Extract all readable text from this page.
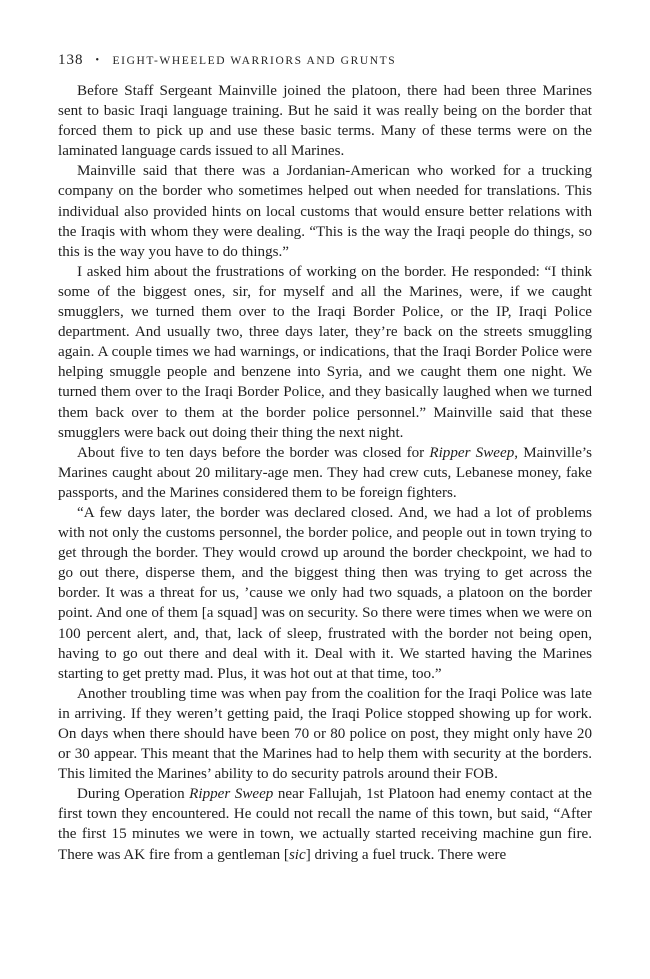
138 • EIGHT-WHEELED WARRIORS AND GRUNTS

Before Staff Sergeant Mainville joined the platoon, there had been three Marines sent to basic Iraqi language training. But he said it was really being on the border that forced them to pick up and use these basic terms. Many of these terms were on the laminated language cards issued to all Marines.

Mainville said that there was a Jordanian-American who worked for a trucking company on the border who sometimes helped out when needed for translations. This individual also provided hints on local customs that would ensure better relations with the Iraqis with whom they were dealing. “This is the way the Iraqi people do things, so this is the way you have to do things.”

I asked him about the frustrations of working on the border. He responded: “I think some of the biggest ones, sir, for myself and all the Marines, were, if we caught smugglers, we turned them over to the Iraqi Border Police, or the IP, Iraqi Police department. And usually two, three days later, they’re back on the streets smuggling again. A couple times we had warnings, or indications, that the Iraqi Border Police were helping smuggle people and benzene into Syria, and we caught them one night. We turned them over to the Iraqi Border Police, and they basically laughed when we turned them back over to them at the border police personnel.” Mainville said that these smugglers were back out doing their thing the next night.

About five to ten days before the border was closed for Ripper Sweep, Mainville’s Marines caught about 20 military-age men. They had crew cuts, Lebanese money, fake passports, and the Marines considered them to be foreign fighters.

“A few days later, the border was declared closed. And, we had a lot of problems with not only the customs personnel, the border police, and people out in town trying to get through the border. They would crowd up around the border checkpoint, we had to go out there, disperse them, and the biggest thing then was trying to get across the border. It was a threat for us, ’cause we only had two squads, a platoon on the border point. And one of them [a squad] was on security. So there were times when we were on 100 percent alert, and, that, lack of sleep, frustrated with the border not being open, having to go out there and deal with it. Deal with it. We started having the Marines starting to get pretty mad. Plus, it was hot out at that time, too.”

Another troubling time was when pay from the coalition for the Iraqi Police was late in arriving. If they weren’t getting paid, the Iraqi Police stopped showing up for work. On days when there should have been 70 or 80 police on post, they might only have 20 or 30 appear. This meant that the Marines had to help them with security at the borders. This limited the Marines’ ability to do security patrols around their FOB.

During Operation Ripper Sweep near Fallujah, 1st Platoon had enemy contact at the first town they encountered. He could not recall the name of this town, but said, “After the first 15 minutes we were in town, we actually started receiving machine gun fire. There was AK fire from a gentleman [sic] driving a fuel truck. There were
